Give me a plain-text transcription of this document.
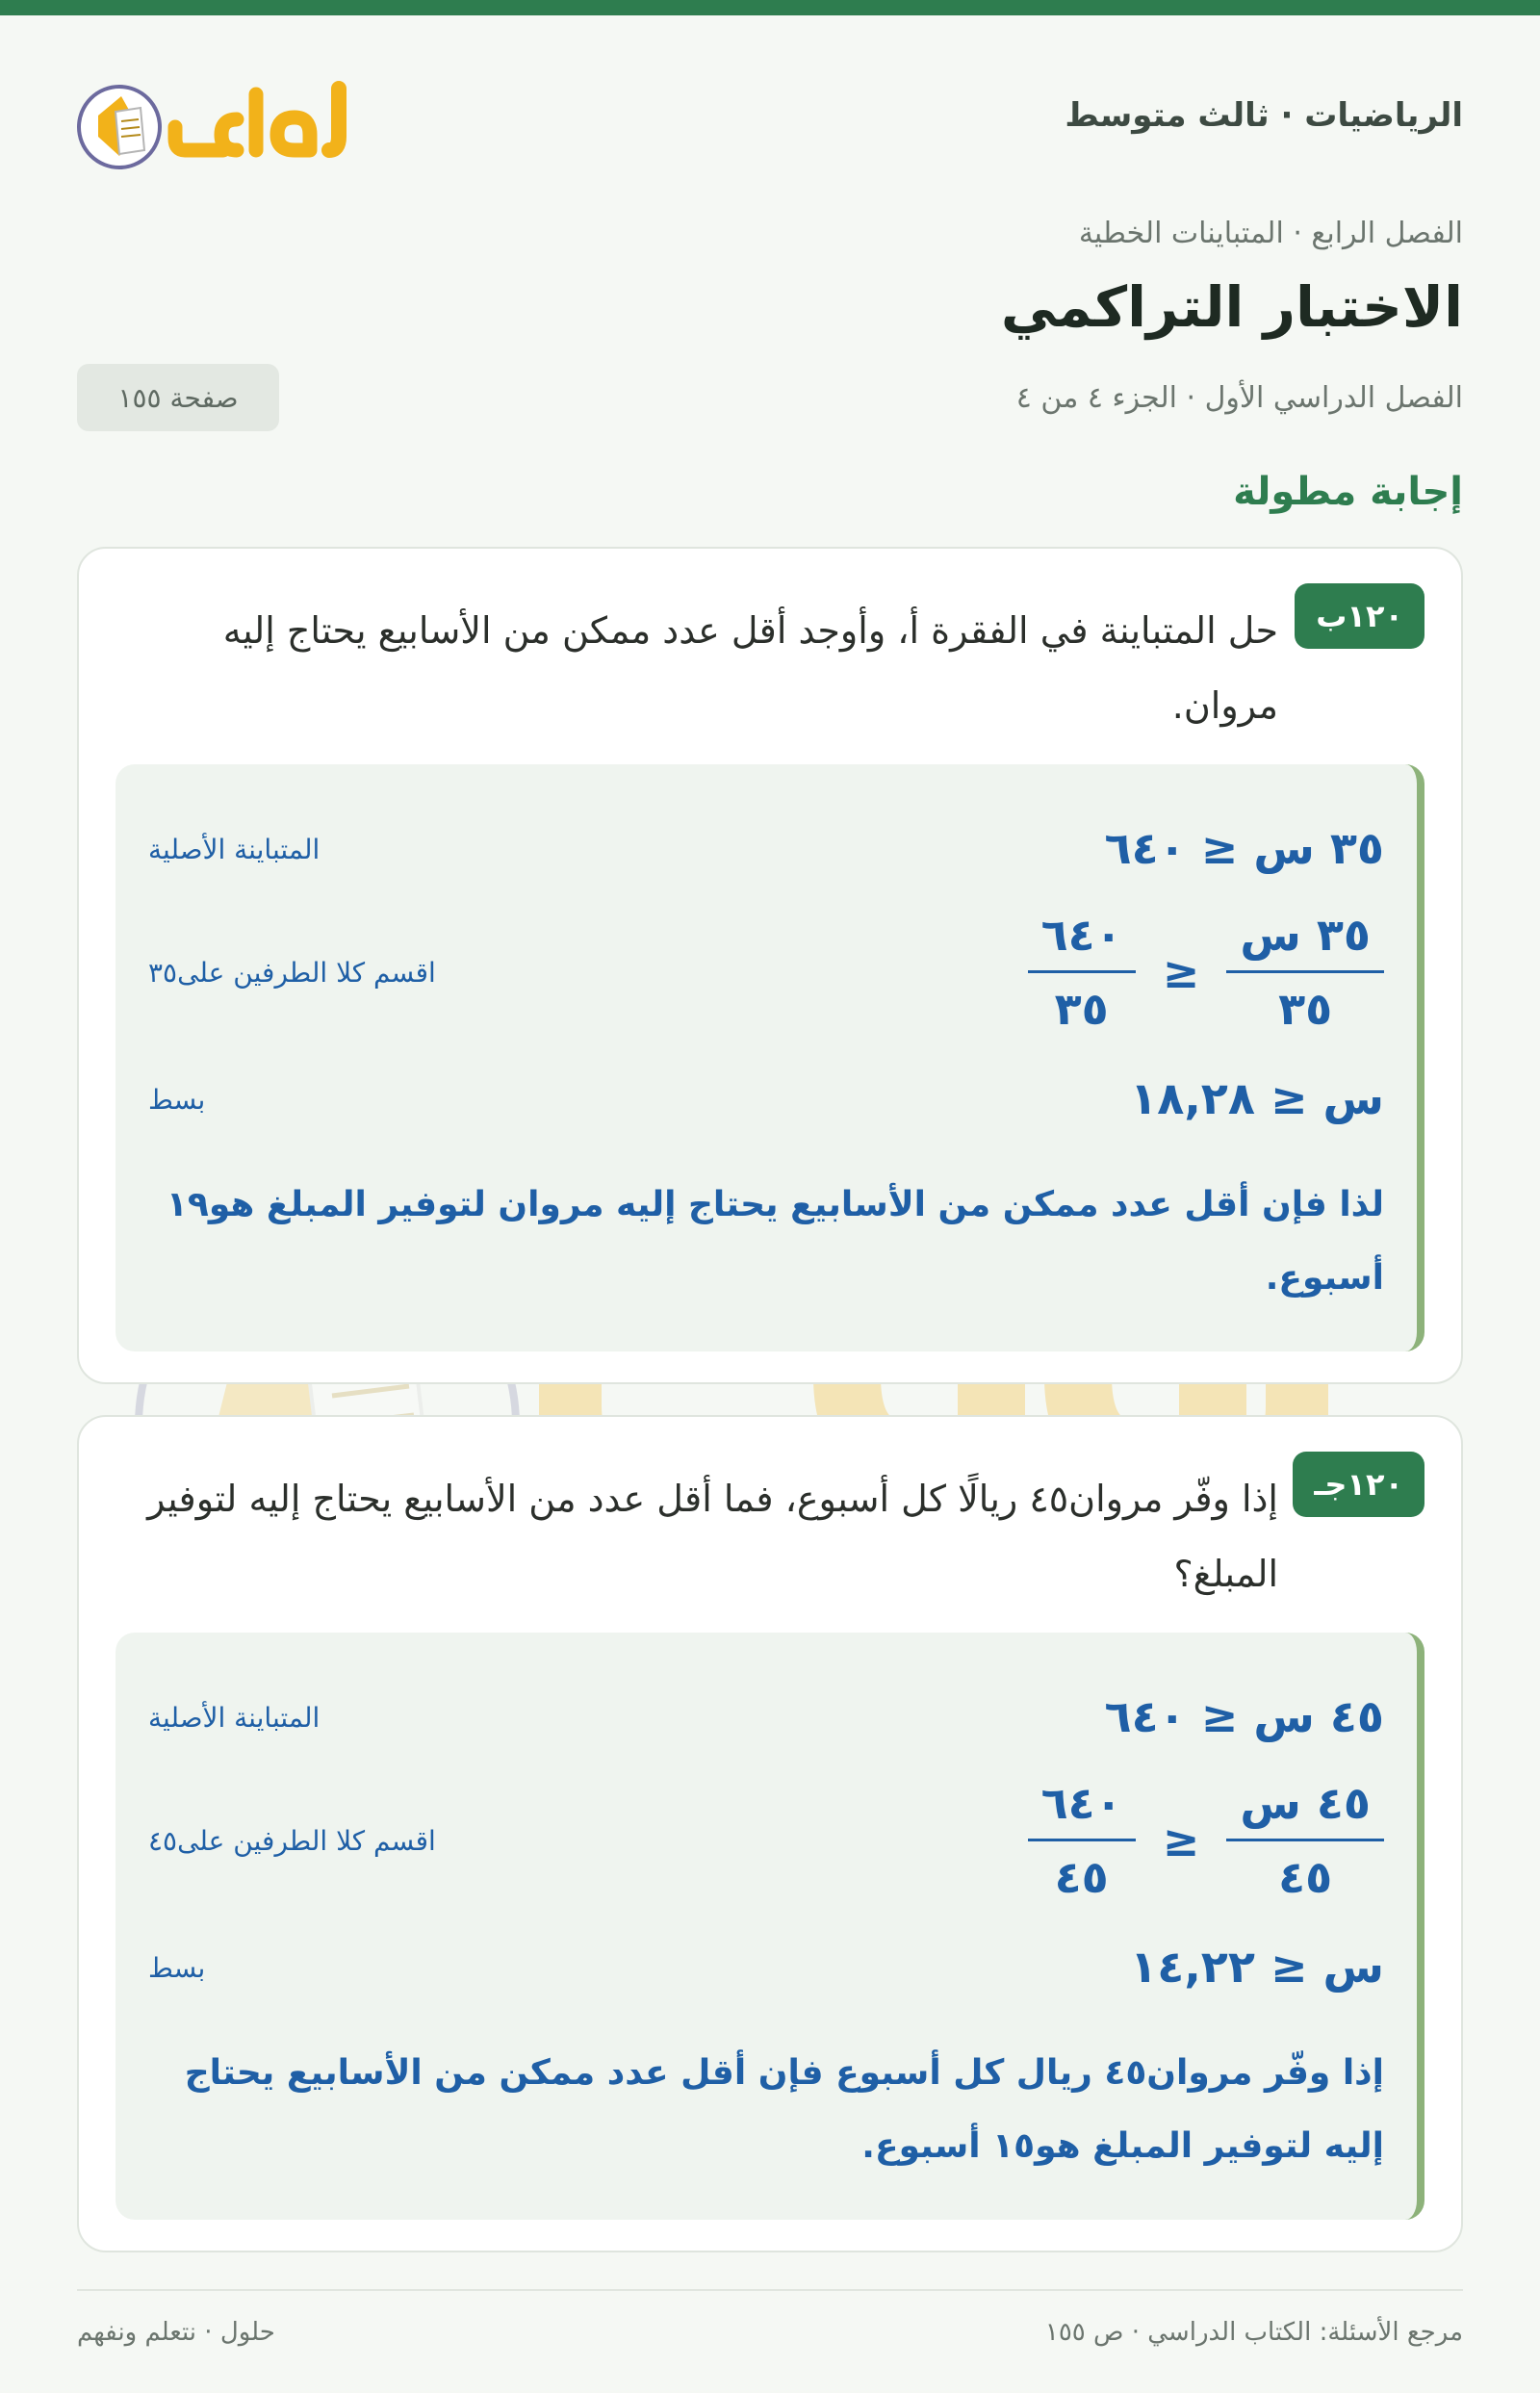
الرياضيات · ثالث متوسط
الفصل الرابع · المتباينات الخطية
الاختبار التراكمي
الفصل الدراسي الأول · الجزء ٤ من ٤
صفحة ١٥٥
إجابة مطولة
١٢٠ب
حل المتباينة في الفقرة أ، وأوجد أقل عدد ممكن من الأسابيع يحتاج إليه مروان.
٣٥ س ≤ ٦٤٠
المتباينة الأصلية
$\frac{\text{٣٥ س}}{٣٥}$
≤
$\frac{٦٤٠}{٣٥}$
اقسم كلا الطرفين على٣٥
س ≤ ١٨,٢٨
بسط
لذا فإن أقل عدد ممكن من الأسابيع يحتاج إليه مروان لتوفير المبلغ هو١٩ أسبوع.
١٢٠جـ
إذا وفّر مروان٤٥ ريالًا كل أسبوع، فما أقل عدد من الأسابيع يحتاج إليه لتوفير المبلغ؟
٤٥ س ≤ ٦٤٠
المتباينة الأصلية
$\frac{\text{٤٥ س}}{٤٥}$
≤
$\frac{٦٤٠}{٤٥}$
اقسم كلا الطرفين على٤٥
س ≤ ١٤,٢٢
بسط
إذا وفّر مروان٤٥ ريال كل أسبوع فإن أقل عدد ممكن من الأسابيع يحتاج إليه لتوفير المبلغ هو١٥ أسبوع.
مرجع الأسئلة: الكتاب الدراسي · ص ١٥٥
حلول · نتعلم ونفهم
